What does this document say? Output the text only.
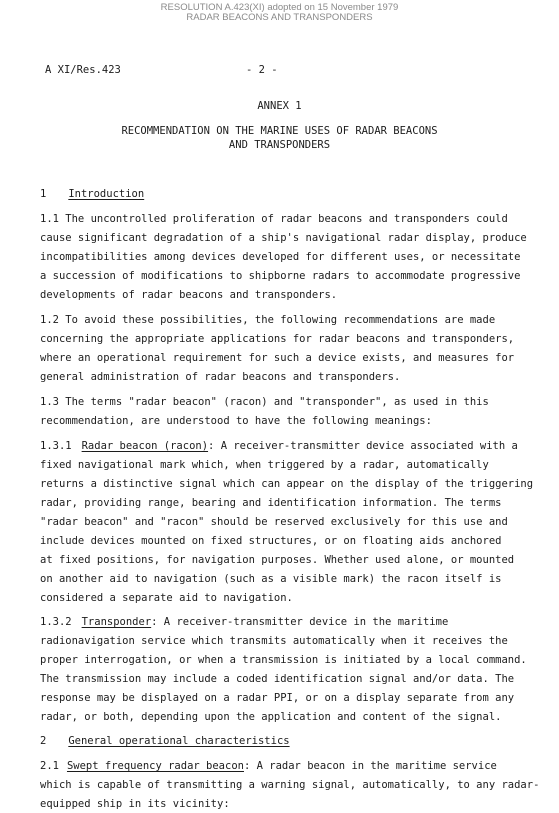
RESOLUTION A.423(XI) adopted on 15 November 1979
RADAR BEACONS AND TRANSPONDERS
A XI/Res.423	- 2 -
ANNEX 1
RECOMMENDATION ON THE MARINE USES OF RADAR BEACONS
AND TRANSPONDERS
1 Introduction
1.1 The uncontrolled proliferation of radar beacons and transponders could
cause significant degradation of a ship's navigational radar display, produce
incompatibilities among devices developed for different uses, or necessitate
a succession of modifications to shipborne radars to accommodate progressive
developments of radar beacons and transponders.
1.2 To avoid these possibilities, the following recommendations are made
concerning the appropriate applications for radar beacons and transponders,
where an operational requirement for such a device exists, and measures for
general administration of radar beacons and transponders.
1.3 The terms "radar beacon" (racon) and "transponder", as used in this
recommendation, are understood to have the following meanings:
1.3.1 Radar beacon (racon): A receiver-transmitter device associated with a
fixed navigational mark which, when triggered by a radar, automatically
returns a distinctive signal which can appear on the display of the triggering
radar, providing range, bearing and identification information. The terms
"radar beacon" and "racon" should be reserved exclusively for this use and
include devices mounted on fixed structures, or on floating aids anchored
at fixed positions, for navigation purposes. Whether used alone, or mounted
on another aid to navigation (such as a visible mark) the racon itself is
considered a separate aid to navigation.
1.3.2 Transponder: A receiver-transmitter device in the maritime
radionavigation service which transmits automatically when it receives the
proper interrogation, or when a transmission is initiated by a local command.
The transmission may include a coded identification signal and/or data. The
response may be displayed on a radar PPI, or on a display separate from any
radar, or both, depending upon the application and content of the signal.
2 General operational characteristics
2.1 Swept frequency radar beacon: A radar beacon in the maritime service
which is capable of transmitting a warning signal, automatically, to any radar-
equipped ship in its vicinity:
